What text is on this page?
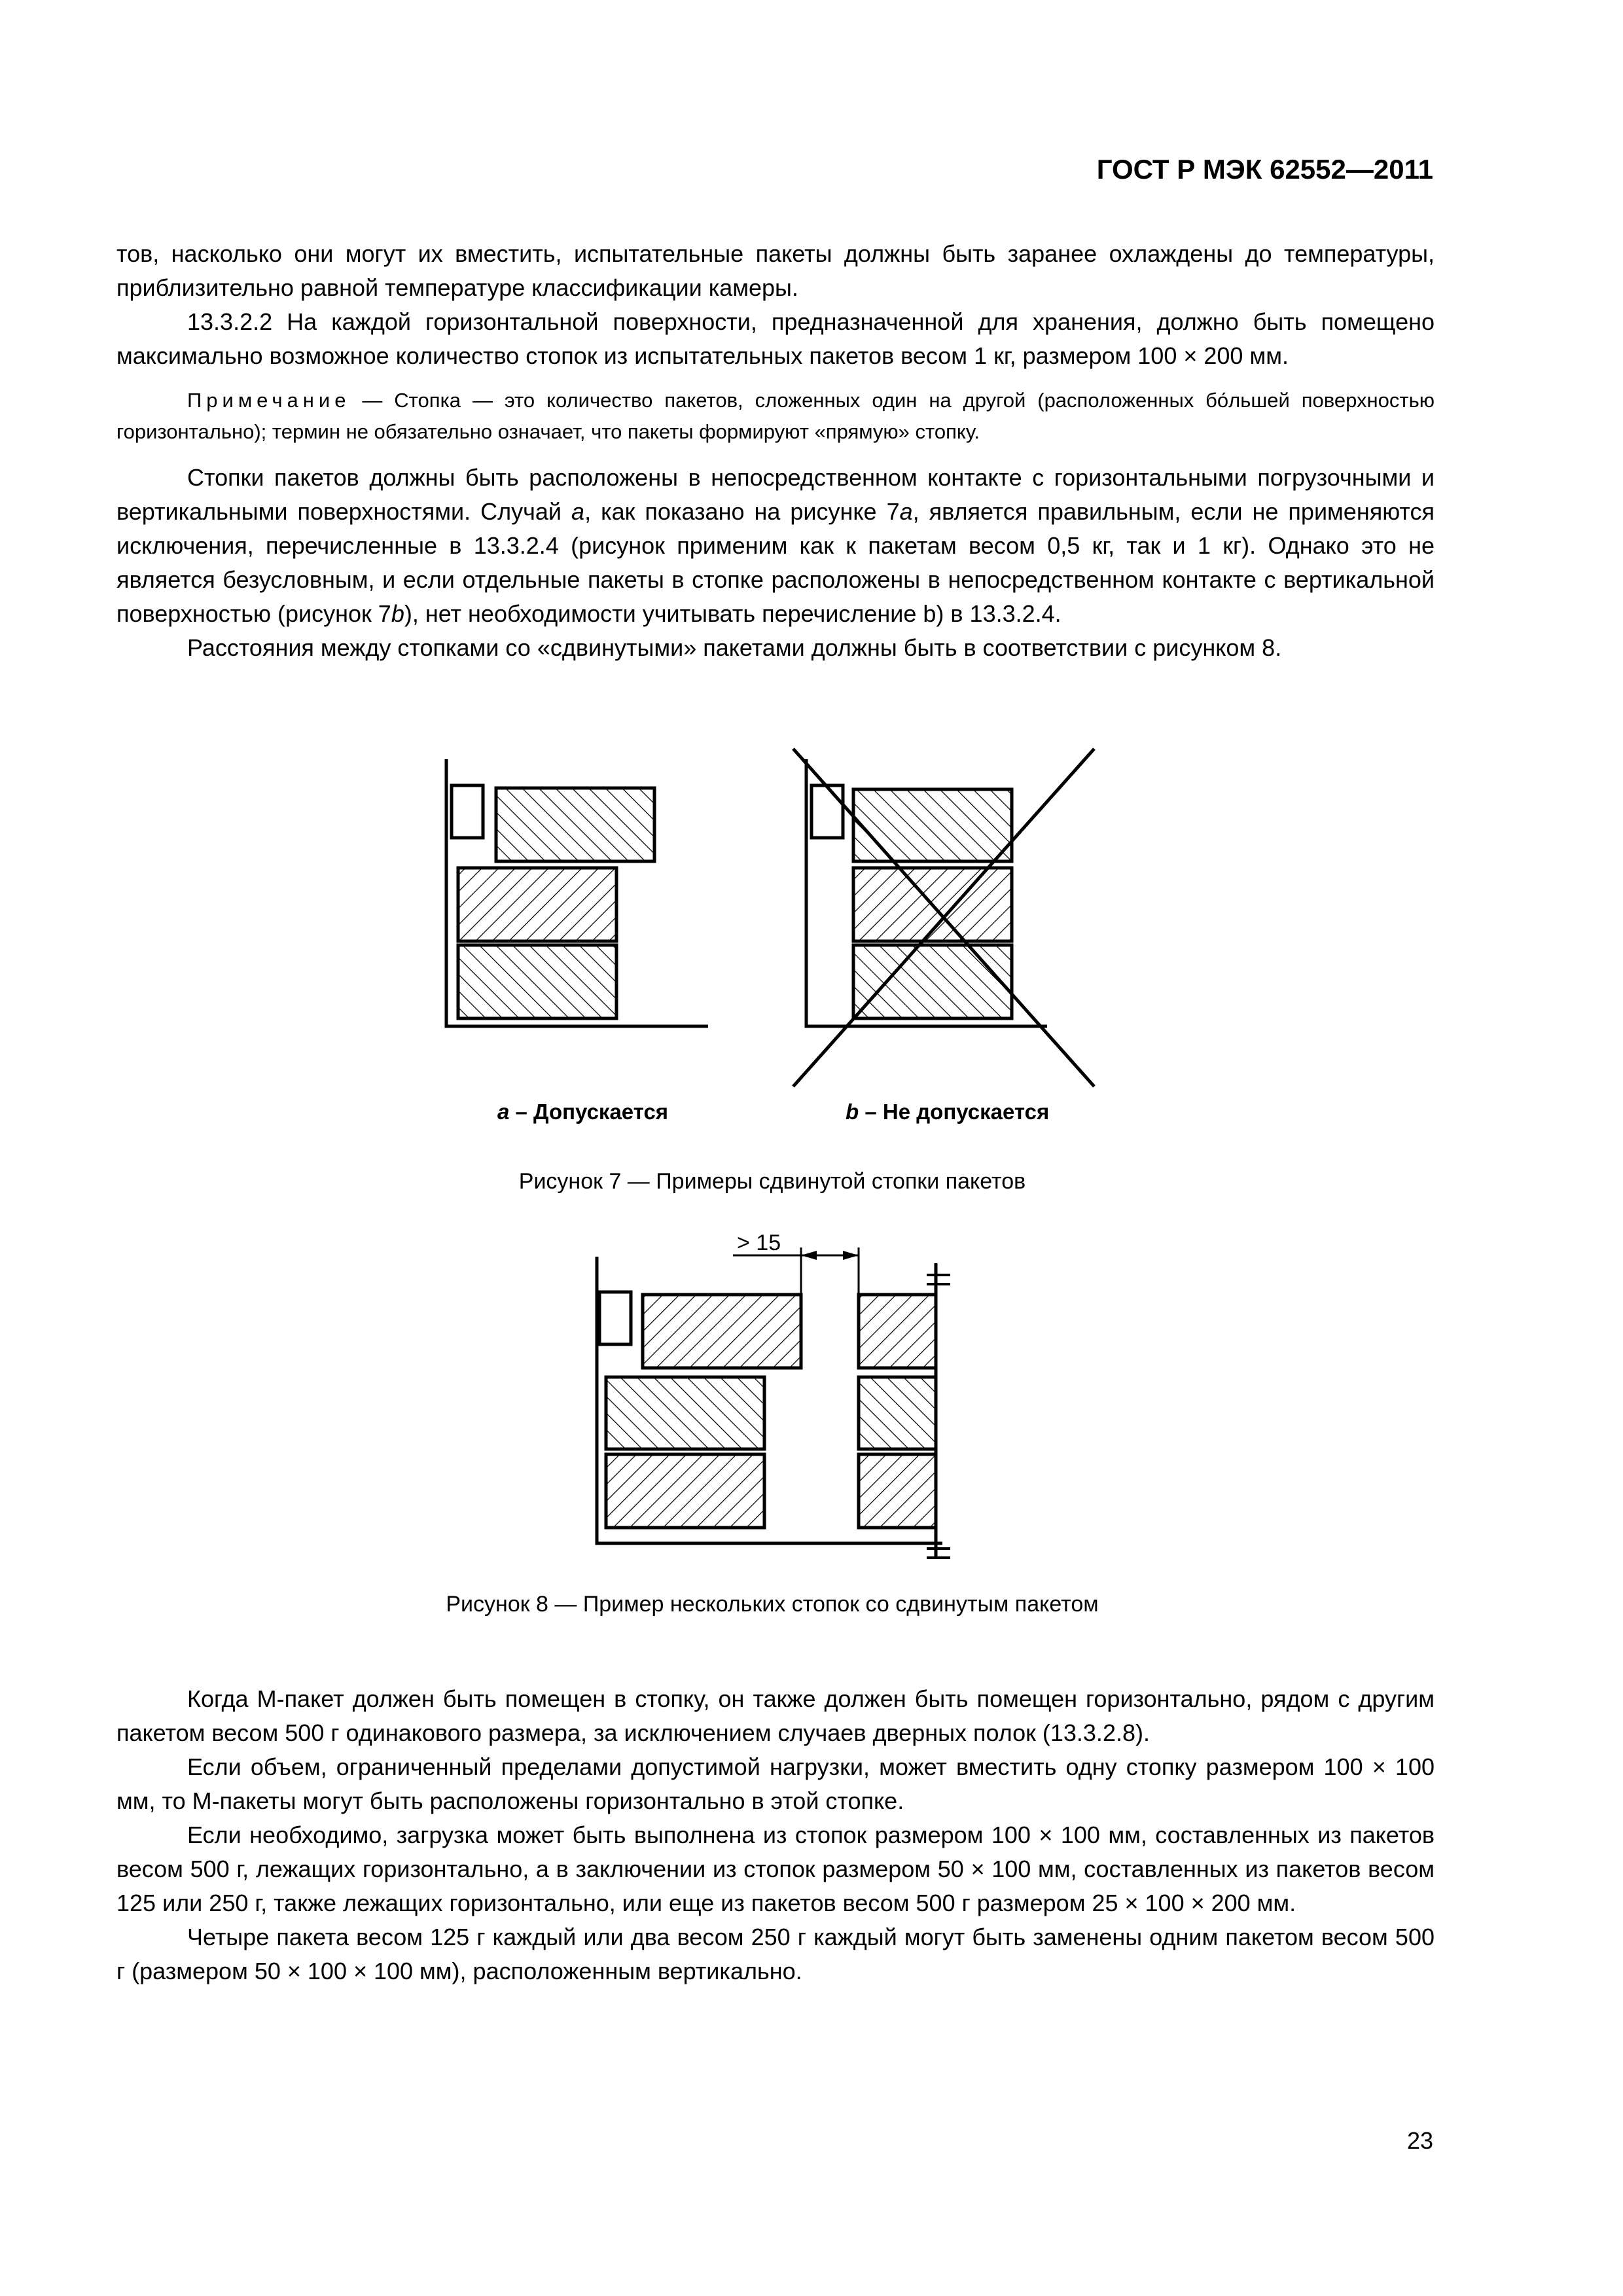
ГОСТ Р МЭК 62552—2011

тов, насколько они могут их вместить, испытательные пакеты должны быть заранее охлаждены до температуры, приблизительно равной температуре классификации камеры.

13.3.2.2 На каждой горизонтальной поверхности, предназначенной для хранения, должно быть помещено максимально возможное количество стопок из испытательных пакетов весом 1 кг, размером 100 × 200 мм.

Примечание — Стопка — это количество пакетов, сложенных один на другой (расположенных бо́льшей поверхностью горизонтально); термин не обязательно означает, что пакеты формируют «прямую» стопку.

Стопки пакетов должны быть расположены в непосредственном контакте с горизонтальными погрузочными и вертикальными поверхностями. Случай a, как показано на рисунке 7a, является правильным, если не применяются исключения, перечисленные в 13.3.2.4 (рисунок применим как к пакетам весом 0,5 кг, так и 1 кг). Однако это не является безусловным, и если отдельные пакеты в стопке расположены в непосредственном контакте с вертикальной поверхностью (рисунок 7b), нет необходимости учитывать перечисление b) в 13.3.2.4.

Расстояния между стопками со «сдвинутыми» пакетами должны быть в соответствии с рисунком 8.

a – Допускается	b – Не допускается
Рисунок 7 — Примеры сдвинутой стопки пакетов
> 15
Рисунок 8 — Пример нескольких стопок со сдвинутым пакетом

Когда М-пакет должен быть помещен в стопку, он также должен быть помещен горизонтально, рядом с другим пакетом весом 500 г одинакового размера, за исключением случаев дверных полок (13.3.2.8).

Если объем, ограниченный пределами допустимой нагрузки, может вместить одну стопку размером 100 × 100 мм, то М-пакеты могут быть расположены горизонтально в этой стопке.

Если необходимо, загрузка может быть выполнена из стопок размером 100 × 100 мм, составленных из пакетов весом 500 г, лежащих горизонтально, а в заключении из стопок размером 50 × 100 мм, составленных из пакетов весом 125 или 250 г, также лежащих горизонтально, или еще из пакетов весом 500 г размером 25 × 100 × 200 мм.

Четыре пакета весом 125 г каждый или два весом 250 г каждый могут быть заменены одним пакетом весом 500 г (размером 50 × 100 × 100 мм), расположенным вертикально.

23
